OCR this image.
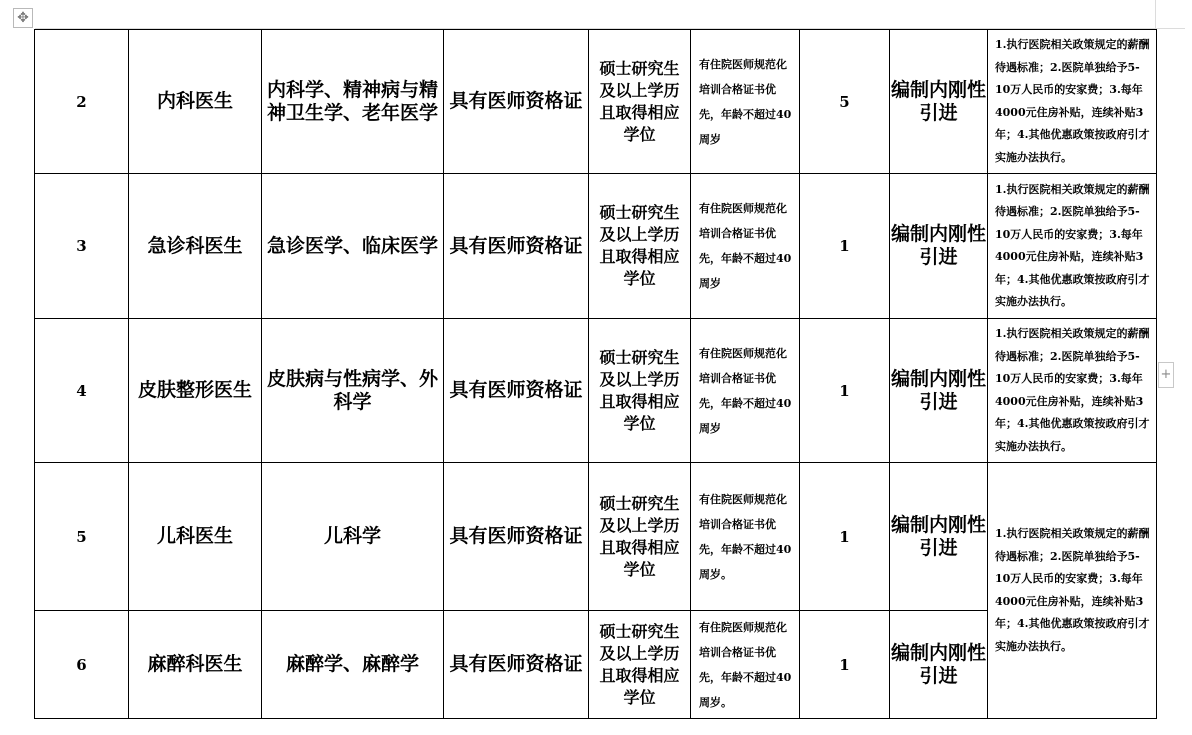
✥
+
2	内科医生	内科学、精神病与精神卫生学、老年医学	具有医师资格证	硕士研究生及以上学历且取得相应学位	有住院医师规范化培训合格证书优先，年龄不超过40周岁	5	编制内刚性引进	1.执行医院相关政策规定的薪酬待遇标准；2.医院单独给予5-10万人民币的安家费；3.每年 4000元住房补贴，连续补贴3年；4.其他优惠政策按政府引才实施办法执行。
3	急诊科医生	急诊医学、临床医学	具有医师资格证	硕士研究生及以上学历且取得相应学位	有住院医师规范化培训合格证书优先，年龄不超过40周岁	1	编制内刚性引进	1.执行医院相关政策规定的薪酬待遇标准；2.医院单独给予5-10万人民币的安家费；3.每年 4000元住房补贴，连续补贴3年；4.其他优惠政策按政府引才实施办法执行。
4	皮肤整形医生	皮肤病与性病学、外科学	具有医师资格证	硕士研究生及以上学历且取得相应学位	有住院医师规范化培训合格证书优先，年龄不超过40周岁	1	编制内刚性引进	1.执行医院相关政策规定的薪酬待遇标准；2.医院单独给予5-10万人民币的安家费；3.每年 4000元住房补贴，连续补贴3年；4.其他优惠政策按政府引才实施办法执行。
5	儿科医生	儿科学	具有医师资格证	硕士研究生及以上学历且取得相应学位	有住院医师规范化培训合格证书优先，年龄不超过40周岁。	1	编制内刚性引进	1.执行医院相关政策规定的薪酬待遇标准；2.医院单独给予5-10万人民币的安家费；3.每年 4000元住房补贴，连续补贴3年；4.其他优惠政策按政府引才实施办法执行。
6	麻醉科医生	麻醉学、麻醉学	具有医师资格证	硕士研究生及以上学历且取得相应学位	有住院医师规范化培训合格证书优先，年龄不超过40周岁。	1	编制内刚性引进	
